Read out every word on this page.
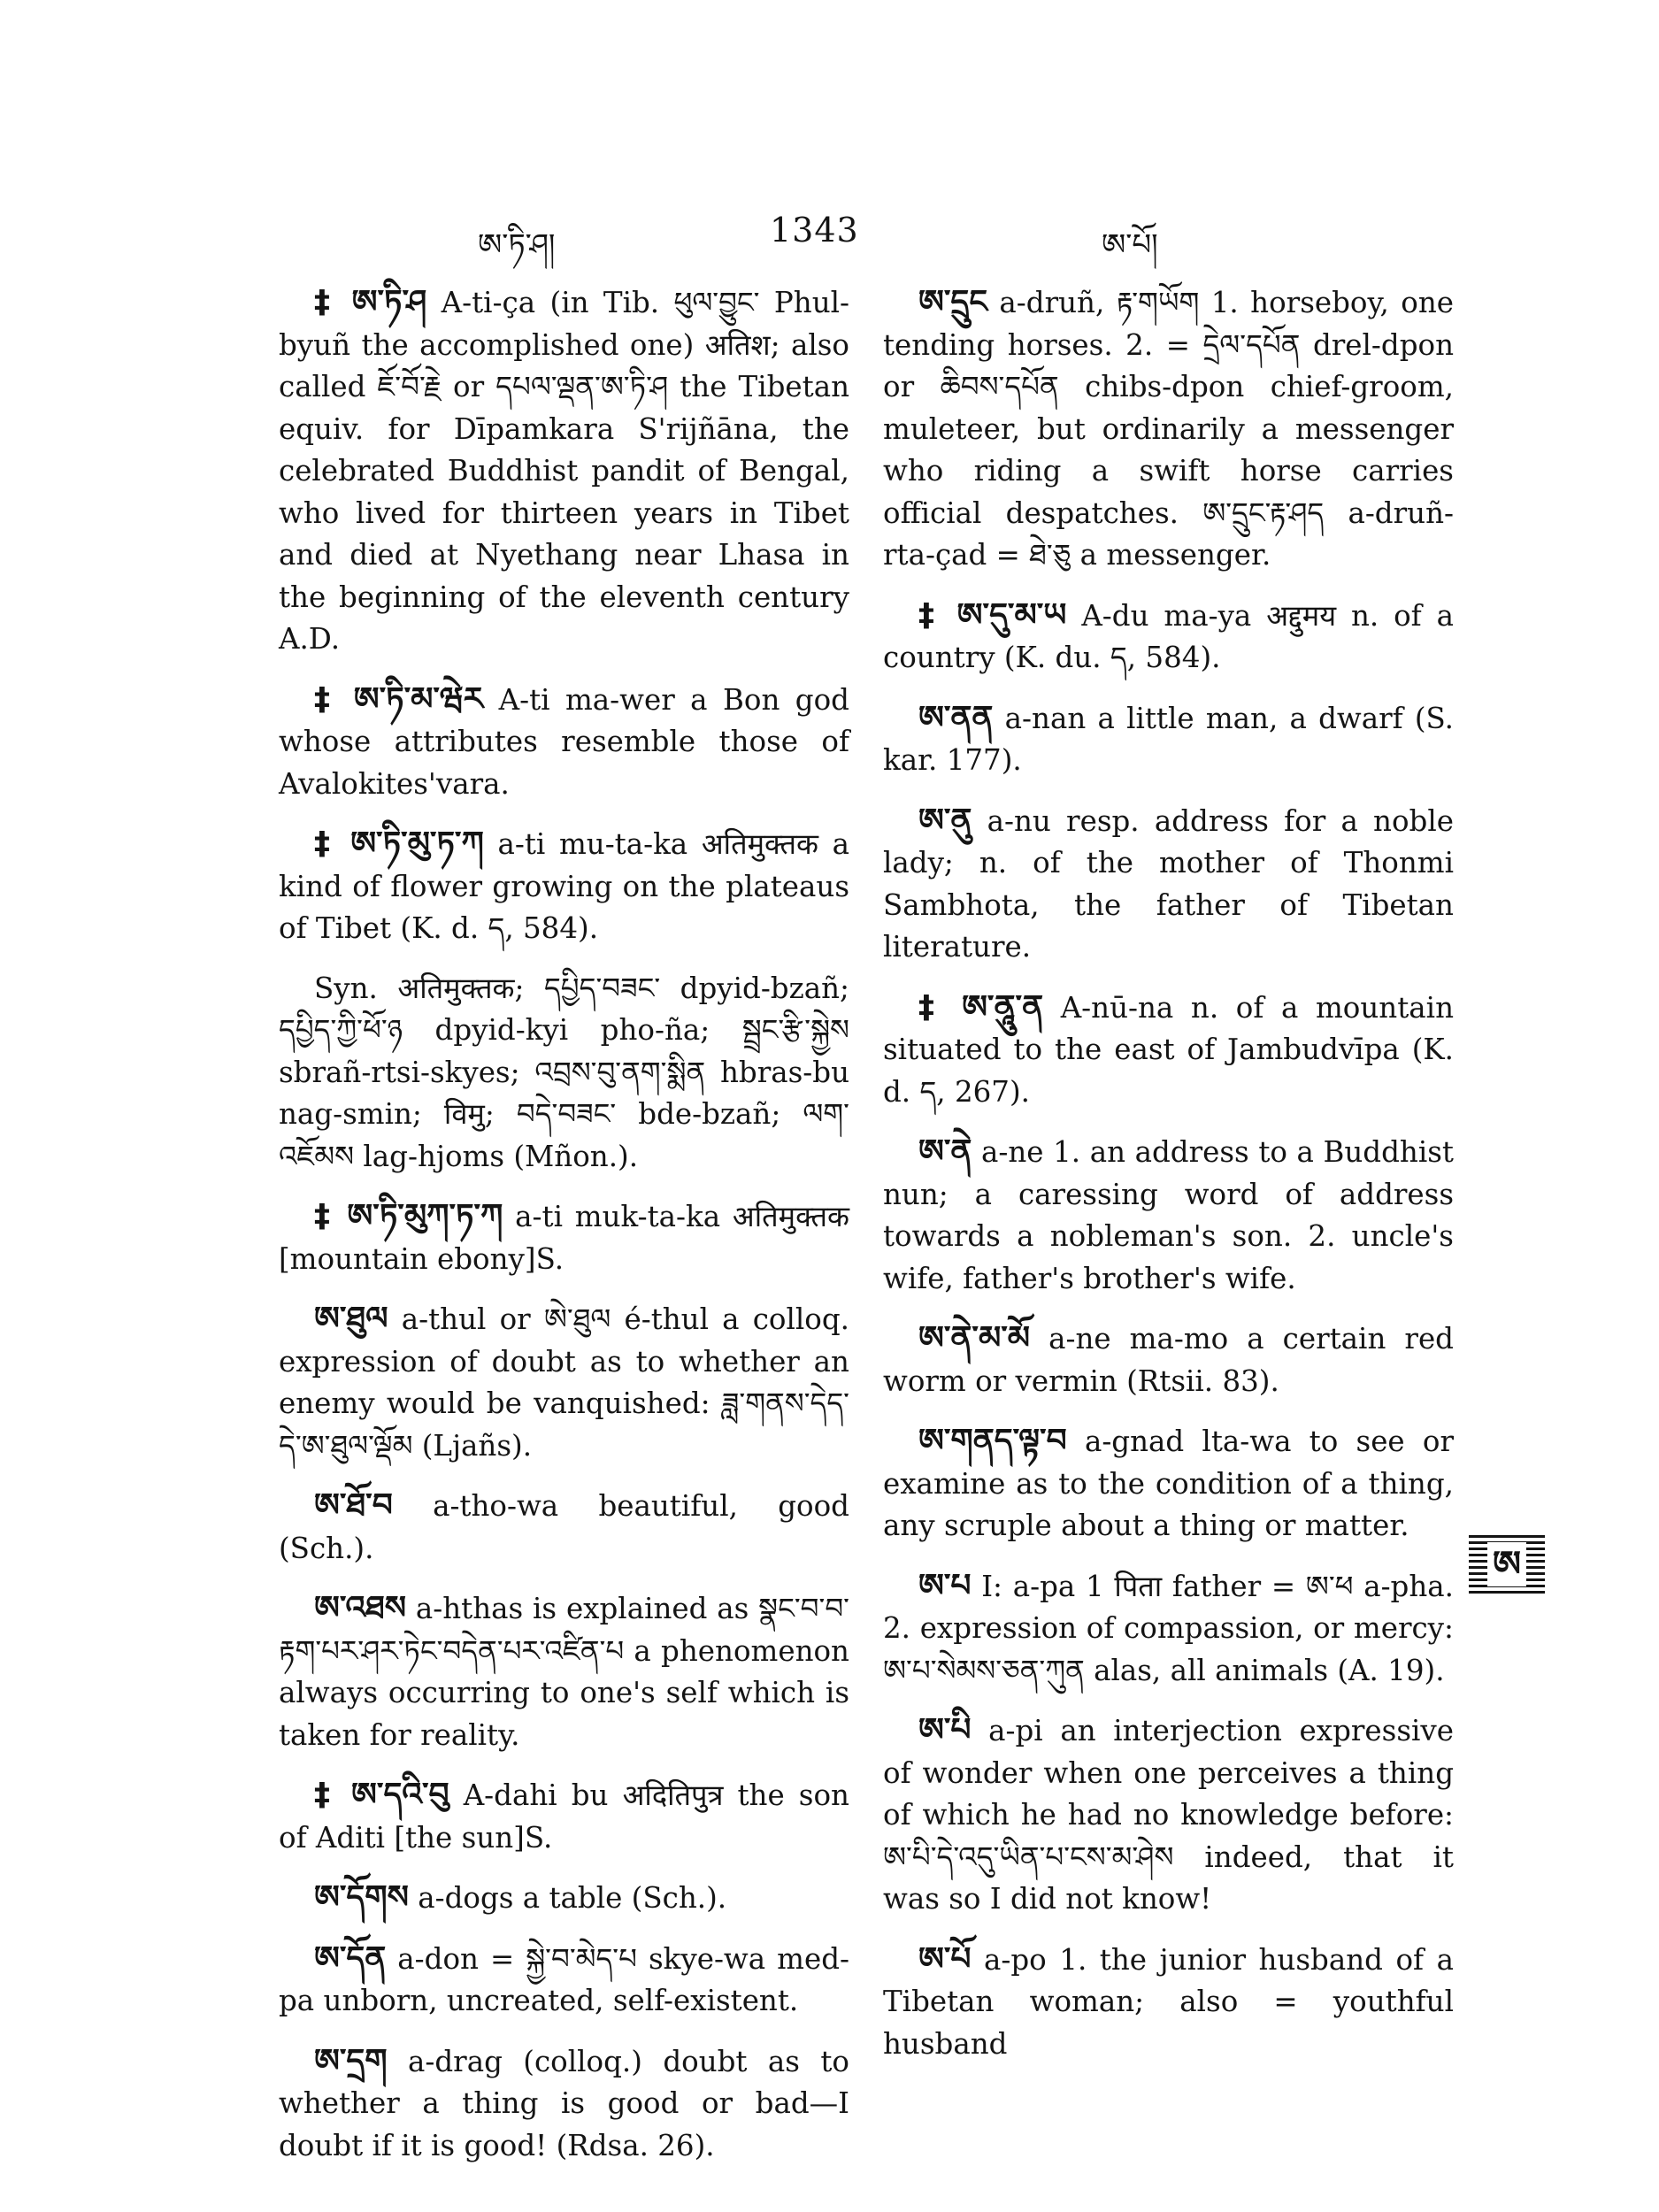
ཨ་ཏི་ཤ།	1343	ཨ་པོ།

‡ ཨ་ཏི་ཤ A-ti-ça (in Tib. ཕུལ་བྱུང་ Phul-byuñ the accomplished one) अतिश; also called ཇོ་བོ་རྗེ or དཔལ་ལྡན་ཨ་ཏི་ཤ the Tibetan equiv. for Dīpamkara S'rijñāna, the celebrated Buddhist pandit of Bengal, who lived for thirteen years in Tibet and died at Nyethang near Lhasa in the beginning of the eleventh century A.D.

‡ ཨ་ཏི་མ་ཝེར A-ti ma-wer a Bon god whose attributes resemble those of Avalokites'vara.

‡ ཨ་ཏི་མུ་ཏ་ཀ a-ti mu-ta-ka अतिमुक्तक a kind of flower growing on the plateaus of Tibet (K. d. ད, 584).

Syn. अतिमुक्तक; དཔྱིད་བཟང་ dpyid-bzañ; དཔྱིད་ཀྱི་ཕོ་ཉ dpyid-kyi pho-ña; སྦྲང་རྩི་སྐྱེས sbrañ-rtsi-skyes; འབྲས་བུ་ནག་སྨིན hbras-bu nag-smin; विमु; བདེ་བཟང་ bde-bzañ; ལག་འཇོམས lag-hjoms (Mñon.).

‡ ཨ་ཏི་མུཀ་ཏ་ཀ a-ti muk-ta-ka अतिमुक्तक [mountain ebony]S.

ཨ་ཐུལ a-thul or ཨེ་ཐུལ é-thul a colloq. expression of doubt as to whether an enemy would be vanquished: ཟླ་གནས་དེད་དེ་ཨ་ཐུལ་ལྡོམ (Ljañs).

ཨ་ཐོ་བ a-tho-wa beautiful, good (Sch.).

ཨ་འཐས a-hthas is explained as སྣང་བ་བ་རྟག་པར་ཤར་ཏེང་བདེན་པར་འཛིན་པ a phenomenon always occurring to one's self which is taken for reality.

‡ ཨ་དའི་བུ A-dahi bu अदितिपुत्र the son of Aditi [the sun]S.

ཨ་དོགས a-dogs a table (Sch.).

ཨ་དོན a-don = སྐྱེ་བ་མེད་པ skye-wa med-pa unborn, uncreated, self-existent.

ཨ་དྲག a-drag (colloq.) doubt as to whether a thing is good or bad—I doubt if it is good! (Rdsa. 26).

ཨ་དྲུང a-druñ, རྟ་གཡོག 1. horseboy, one tending horses. 2. = དྲེལ་དཔོན drel-dpon or ཆིབས་དཔོན chibs-dpon chief-groom, muleteer, but ordinarily a messenger who riding a swift horse carries official despatches. ཨ་དྲུང་རྟ་ཤད a-druñ-rta-çad = ཐེ་ཅུ a messenger.

‡ ཨ་དུ་མ་ཡ A-du ma-ya अद्दुमय n. of a country (K. du. ད, 584).

ཨ་ནན a-nan a little man, a dwarf (S. kar. 177).

ཨ་ནུ a-nu resp. address for a noble lady; n. of the mother of Thonmi Sambhota, the father of Tibetan literature.

‡ ཨ་ནཱུ་ན A-nū-na n. of a mountain situated to the east of Jambudvīpa (K. d. ད, 267).

ཨ་ནེ a-ne 1. an address to a Buddhist nun; a caressing word of address towards a nobleman's son. 2. uncle's wife, father's brother's wife.

ཨ་ནེ་མ་མོ a-ne ma-mo a certain red worm or vermin (Rtsii. 83).

ཨ་གནད་ལྟ་བ a-gnad lta-wa to see or examine as to the condition of a thing, any scruple about a thing or matter.

ཨ་པ I: a-pa 1 पिता father = ཨ་ཕ a-pha. 2. expression of compassion, or mercy: ཨ་པ་སེམས་ཅན་ཀུན alas, all animals (A. 19).

ཨ་པི a-pi an interjection expressive of wonder when one perceives a thing of which he had no knowledge before: ཨ་པི་དེ་འདུ་ཡིན་པ་ངས་མ་ཤེས indeed, that it was so I did not know!

ཨ་པོ a-po 1. the junior husband of a Tibetan woman; also = youthful husband

ཨ
